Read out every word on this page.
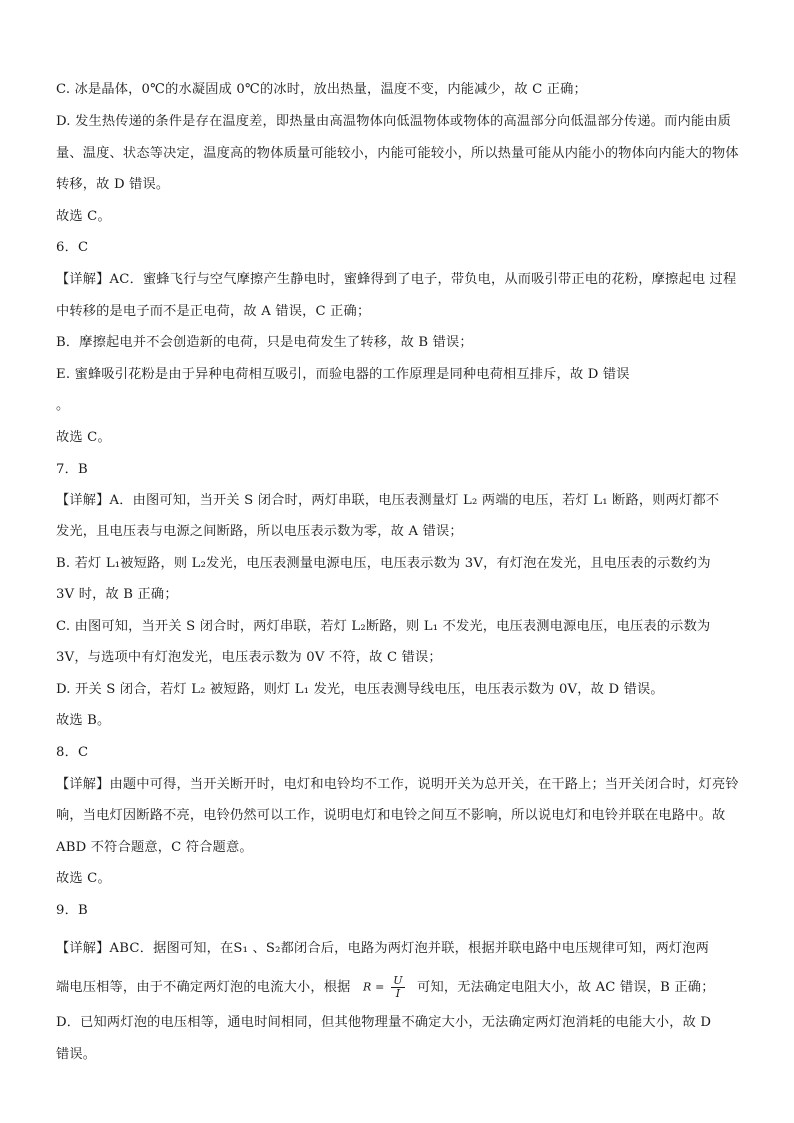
C. 冰是晶体，0℃的水凝固成 0℃的冰时，放出热量，温度不变，内能减少，故 C 正确；
D. 发生热传递的条件是存在温度差，即热量由高温物体向低温物体或物体的高温部分向低温部分传递。而内能由质
量、温度、状态等决定，温度高的物体质量可能较小，内能可能较小，所以热量可能从内能小的物体向内能大的物体
转移，故 D 错误。
故选 C。
6．C
【详解】AC．蜜蜂飞行与空气摩擦产生静电时，蜜蜂得到了电子，带负电，从而吸引带正电的花粉，摩擦起电 过程
中转移的是电子而不是正电荷，故 A 错误，C 正确；
B．摩擦起电并不会创造新的电荷，只是电荷发生了转移，故 B 错误；
E. 蜜蜂吸引花粉是由于异种电荷相互吸引，而验电器的工作原理是同种电荷相互排斥，故 D 错误
。
故选 C。
7．B
【详解】A．由图可知，当开关 S 闭合时，两灯串联，电压表测量灯 L₂ 两端的电压，若灯 L₁ 断路，则两灯都不
发光，且电压表与电源之间断路，所以电压表示数为零，故 A 错误；
B. 若灯 L₁被短路，则 L₂发光，电压表测量电源电压，电压表示数为 3V，有灯泡在发光，且电压表的示数约为
3V 时，故 B 正确；
C. 由图可知，当开关 S 闭合时，两灯串联，若灯 L₂断路，则 L₁ 不发光，电压表测电源电压，电压表的示数为
3V，与选项中有灯泡发光，电压表示数为 0V 不符，故 C 错误；
D. 开关 S 闭合，若灯 L₂ 被短路，则灯 L₁ 发光，电压表测导线电压，电压表示数为 0V，故 D 错误。
故选 B。
8．C
【详解】由题中可得，当开关断开时，电灯和电铃均不工作，说明开关为总开关，在干路上；当开关闭合时，灯亮铃
响，当电灯因断路不亮，电铃仍然可以工作，说明电灯和电铃之间互不影响，所以说电灯和电铃并联在电路中。故
ABD 不符合题意，C 符合题意。
故选 C。
9．B
【详解】ABC．据图可知，在S₁ 、S₂都闭合后，电路为两灯泡并联，根据并联电路中电压规律可知，两灯泡两
端电压相等，由于不确定两灯泡的电流大小，根据 $R = \frac{U}{I}$ 可知，无法确定电阻大小，故 AC 错误，B 正确；
D．已知两灯泡的电压相等，通电时间相同，但其他物理量不确定大小，无法确定两灯泡消耗的电能大小，故 D
错误。
